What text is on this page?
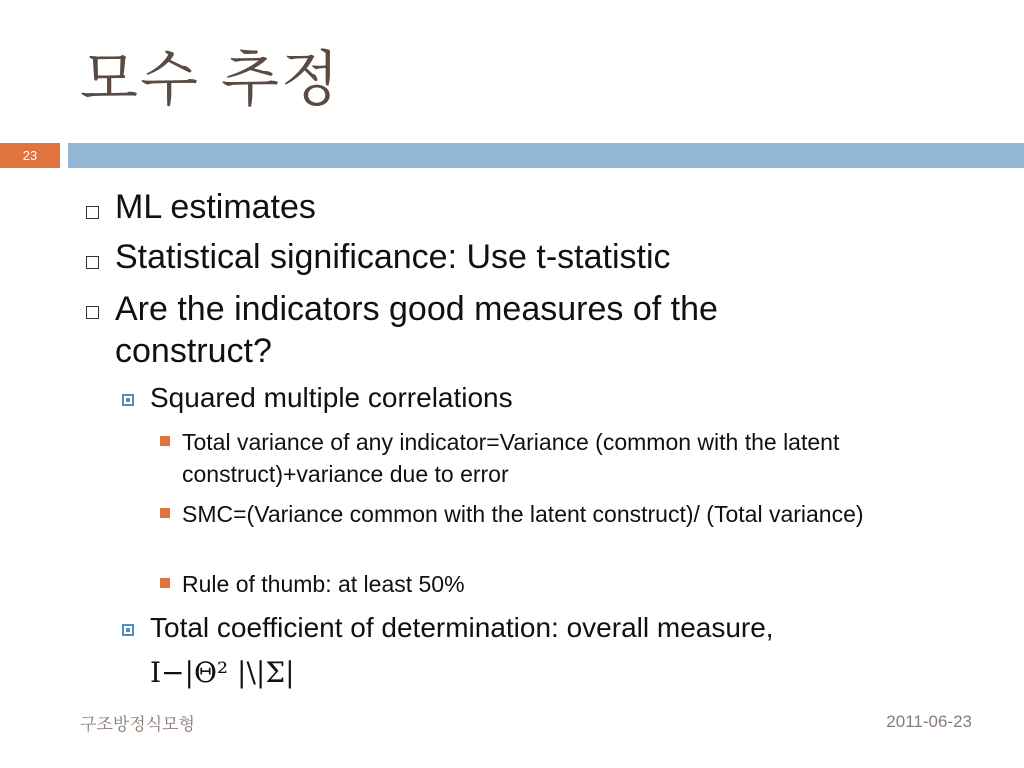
모수 추정
23
ML estimates
Statistical significance: Use t-statistic
Are the indicators good measures of the construct?
Squared multiple correlations
Total variance of any indicator=Variance (common with the latent construct)+variance due to error
SMC=(Variance common with the latent construct)/ (Total variance)
Rule of thumb: at least 50%
Total coefficient of determination: overall measure,
I−|Θ² |\|Ʃ|
구조방정식모형	2011-06-23
